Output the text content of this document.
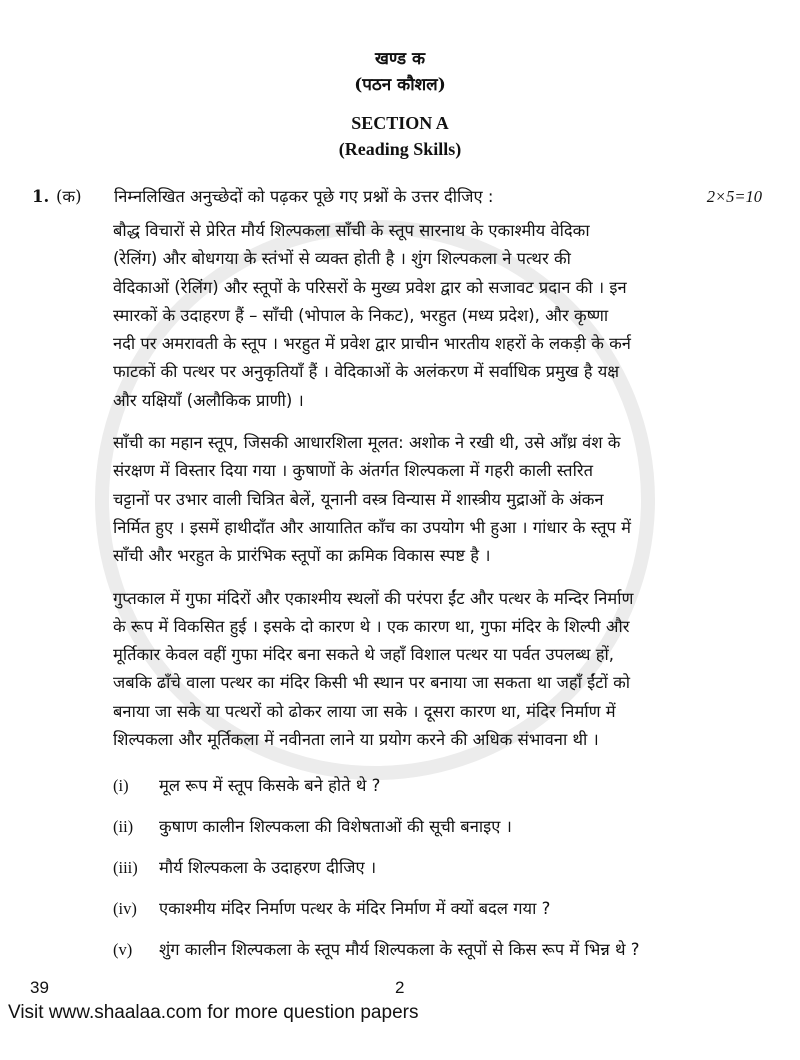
खण्ड क
(पठन कौशल)
SECTION A
(Reading Skills)
1. (क)	निम्नलिखित अनुच्छेदों को पढ़कर पूछे गए प्रश्नों के उत्तर दीजिए :	2×5=10
बौद्ध विचारों से प्रेरित मौर्य शिल्पकला साँची के स्तूप सारनाथ के एकाश्मीय वेदिका
(रेलिंग) और बोधगया के स्तंभों से व्यक्त होती है । शुंग शिल्पकला ने पत्थर की
वेदिकाओं (रेलिंग) और स्तूपों के परिसरों के मुख्य प्रवेश द्वार को सजावट प्रदान की । इन
स्मारकों के उदाहरण हैं – साँची (भोपाल के निकट), भरहुत (मध्य प्रदेश), और कृष्णा
नदी पर अमरावती के स्तूप । भरहुत में प्रवेश द्वार प्राचीन भारतीय शहरों के लकड़ी के कर्न
फाटकों की पत्थर पर अनुकृतियाँ हैं । वेदिकाओं के अलंकरण में सर्वाधिक प्रमुख है यक्ष
और यक्षियाँ (अलौकिक प्राणी) ।
साँची का महान स्तूप, जिसकी आधारशिला मूलत: अशोक ने रखी थी, उसे आँध्र वंश के
संरक्षण में विस्तार दिया गया । कुषाणों के अंतर्गत शिल्पकला में गहरी काली स्तरित
चट्टानों पर उभार वाली चित्रित बेलें, यूनानी वस्त्र विन्यास में शास्त्रीय मुद्राओं के अंकन
निर्मित हुए । इसमें हाथीदाँत और आयातित काँच का उपयोग भी हुआ । गांधार के स्तूप में
साँची और भरहुत के प्रारंभिक स्तूपों का क्रमिक विकास स्पष्ट है ।
गुप्तकाल में गुफा मंदिरों और एकाश्मीय स्थलों की परंपरा ईंट और पत्थर के मन्दिर निर्माण
के रूप में विकसित हुई । इसके दो कारण थे । एक कारण था, गुफा मंदिर के शिल्पी और
मूर्तिकार केवल वहीं गुफा मंदिर बना सकते थे जहाँ विशाल पत्थर या पर्वत उपलब्ध हों,
जबकि ढाँचे वाला पत्थर का मंदिर किसी भी स्थान पर बनाया जा सकता था जहाँ ईंटों को
बनाया जा सके या पत्थरों को ढोकर लाया जा सके । दूसरा कारण था, मंदिर निर्माण में
शिल्पकला और मूर्तिकला में नवीनता लाने या प्रयोग करने की अधिक संभावना थी ।
(i)	मूल रूप में स्तूप किसके बने होते थे ?
(ii)	कुषाण कालीन शिल्पकला की विशेषताओं की सूची बनाइए ।
(iii)	मौर्य शिल्पकला के उदाहरण दीजिए ।
(iv)	एकाश्मीय मंदिर निर्माण पत्थर के मंदिर निर्माण में क्यों बदल गया ?
(v)	शुंग कालीन शिल्पकला के स्तूप मौर्य शिल्पकला के स्तूपों से किस रूप में भिन्न थे ?
39	2
Visit www.shaalaa.com for more question papers
